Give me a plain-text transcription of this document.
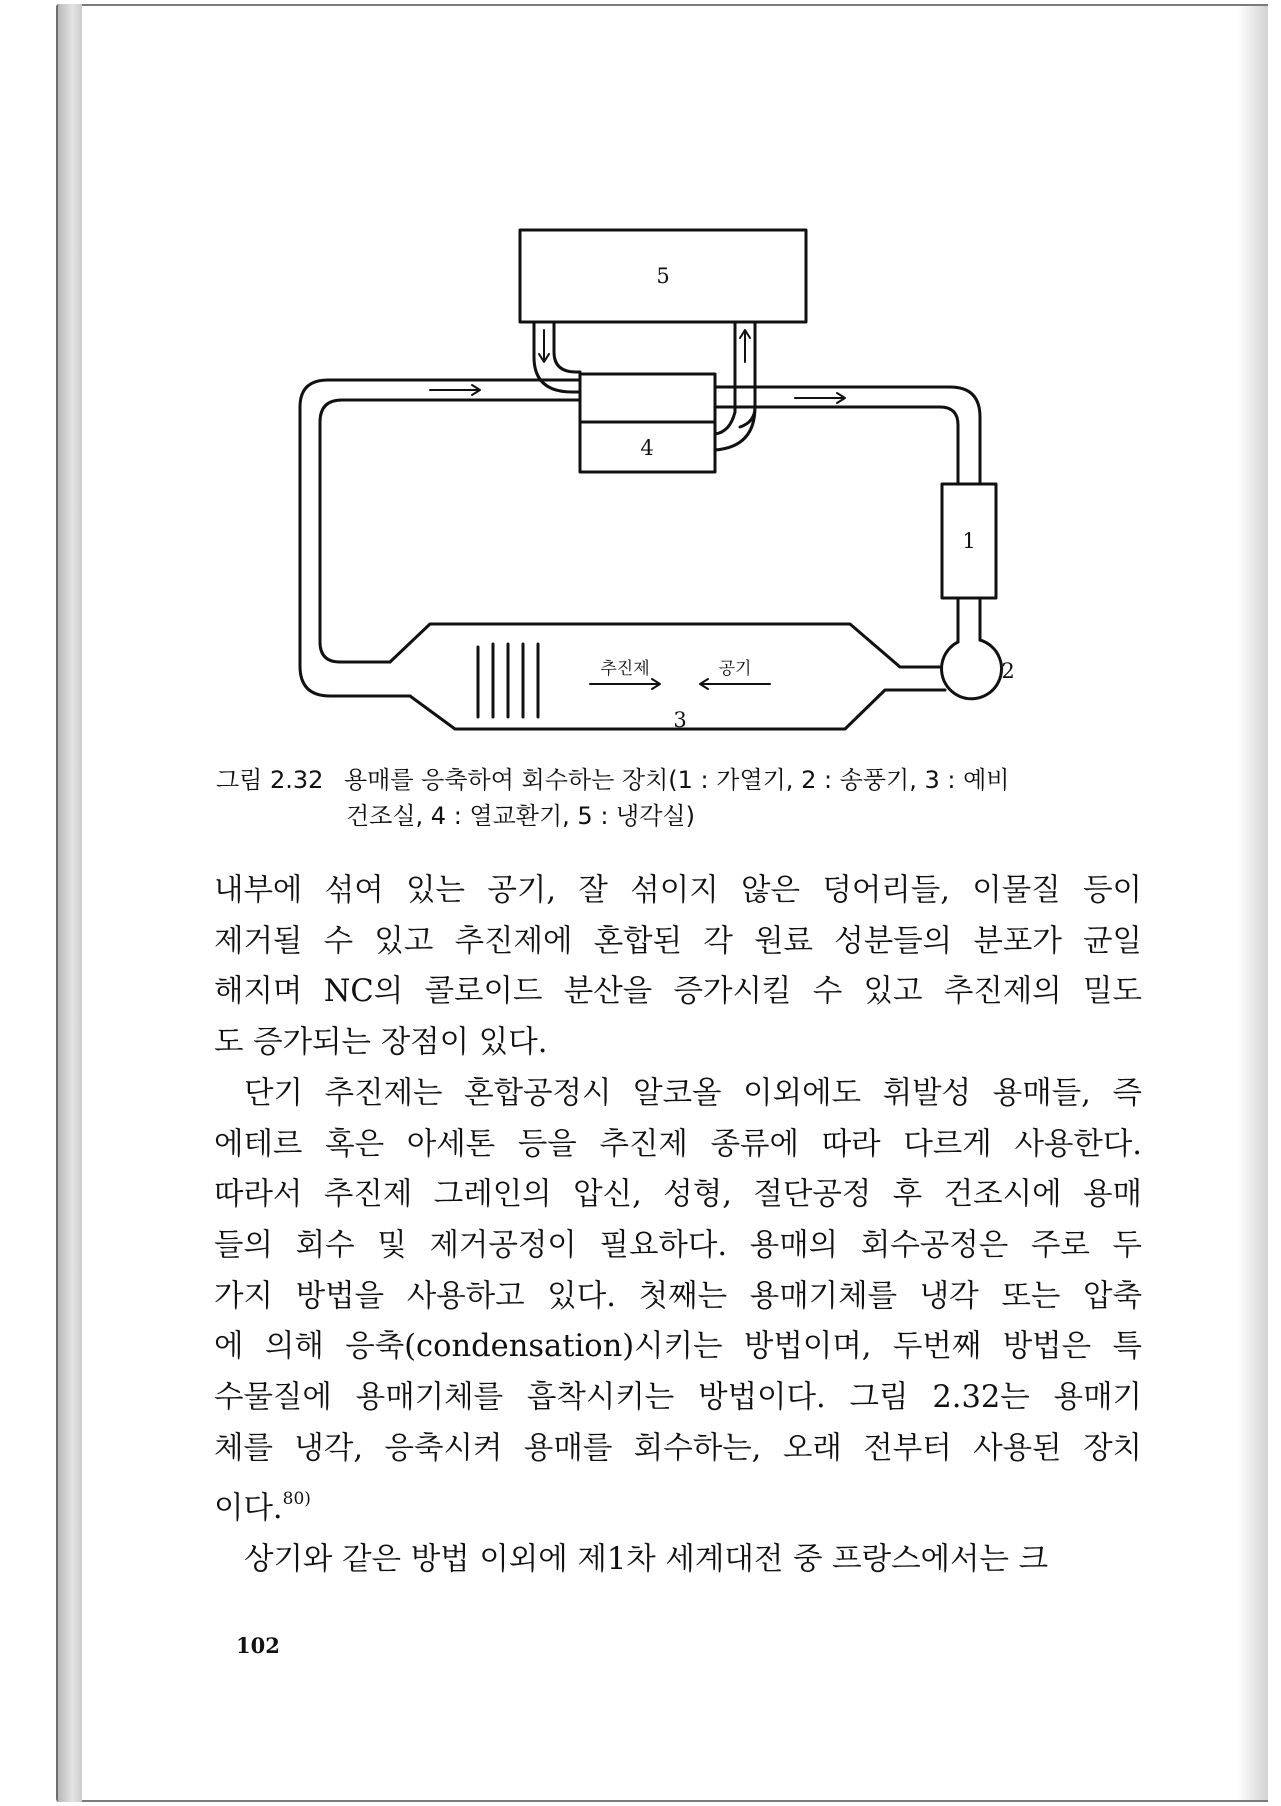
5
4
1
2
3
추진제	공기
그림 2.32 용매를 응축하여 회수하는 장치(1 : 가열기, 2 : 송풍기, 3 : 예비
건조실, 4 : 열교환기, 5 : 냉각실)
내부에 섞여 있는 공기, 잘 섞이지 않은 덩어리들, 이물질 등이
제거될 수 있고 추진제에 혼합된 각 원료 성분들의 분포가 균일
해지며 NC의 콜로이드 분산을 증가시킬 수 있고 추진제의 밀도
도 증가되는 장점이 있다.
단기 추진제는 혼합공정시 알코올 이외에도 휘발성 용매들, 즉
에테르 혹은 아세톤 등을 추진제 종류에 따라 다르게 사용한다.
따라서 추진제 그레인의 압신, 성형, 절단공정 후 건조시에 용매
들의 회수 및 제거공정이 필요하다. 용매의 회수공정은 주로 두
가지 방법을 사용하고 있다. 첫째는 용매기체를 냉각 또는 압축
에 의해 응축(condensation)시키는 방법이며, 두번째 방법은 특
수물질에 용매기체를 흡착시키는 방법이다. 그림 2.32는 용매기
체를 냉각, 응축시켜 용매를 회수하는, 오래 전부터 사용된 장치
이다.$^{80)}$
상기와 같은 방법 이외에 제1차 세계대전 중 프랑스에서는 크
102
